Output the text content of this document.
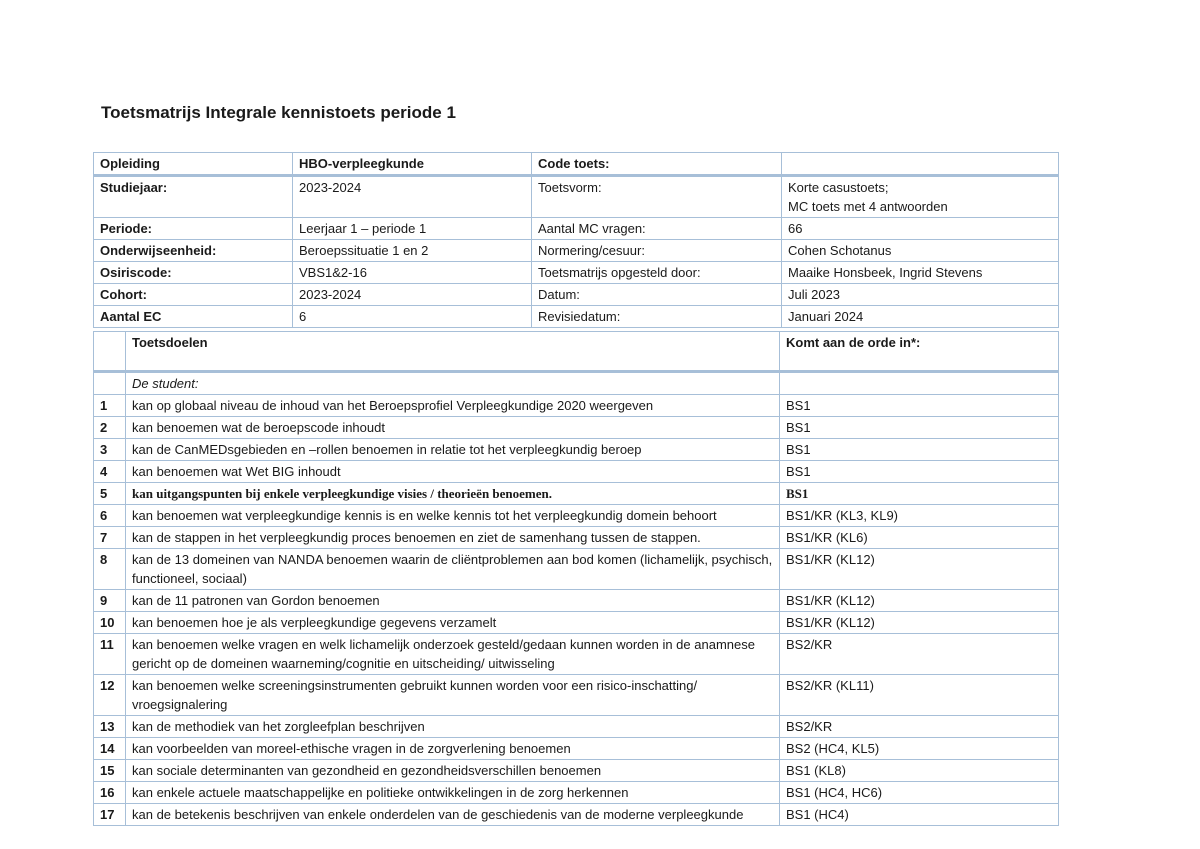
Toetsmatrijs Integrale kennistoets periode 1
Opleiding	HBO-verpleegkunde	Code toets:	
Studiejaar:	2023-2024	Toetsvorm:	Korte casustoets;
MC toets met 4 antwoorden
Periode:	Leerjaar 1 – periode 1	Aantal MC vragen:	66
Onderwijseenheid:	Beroepssituatie 1 en 2	Normering/cesuur:	Cohen Schotanus
Osiriscode:	VBS1&2-16	Toetsmatrijs opgesteld door:	Maaike Honsbeek, Ingrid Stevens
Cohort:	2023-2024	Datum:	Juli 2023
Aantal EC	6	Revisiedatum:	Januari 2024
	Toetsdoelen	Komt aan de orde in*:
	De student:	
1	kan op globaal niveau de inhoud van het Beroepsprofiel Verpleegkundige 2020 weergeven	BS1
2	kan benoemen wat de beroepscode inhoudt	BS1
3	kan de CanMEDsgebieden en –rollen benoemen in relatie tot het verpleegkundig beroep	BS1
4	kan benoemen wat Wet BIG inhoudt	BS1
5	kan uitgangspunten bij enkele verpleegkundige visies / theorieën benoemen.	BS1
6	kan benoemen wat verpleegkundige kennis is en welke kennis tot het verpleegkundig domein behoort	BS1/KR (KL3, KL9)
7	kan de stappen in het verpleegkundig proces benoemen en ziet de samenhang tussen de stappen.	BS1/KR (KL6)
8	kan de 13 domeinen van NANDA benoemen waarin de cliëntproblemen aan bod komen (lichamelijk, psychisch, functioneel, sociaal)	BS1/KR (KL12)
9	kan de 11 patronen van Gordon benoemen	BS1/KR (KL12)
10	kan benoemen hoe je als verpleegkundige gegevens verzamelt	BS1/KR (KL12)
11	kan benoemen welke vragen en welk lichamelijk onderzoek gesteld/gedaan kunnen worden in de anamnese gericht op de domeinen waarneming/cognitie en uitscheiding/ uitwisseling	BS2/KR
12	kan benoemen welke screeningsinstrumenten gebruikt kunnen worden voor een risico-inschatting/ vroegsignalering	BS2/KR (KL11)
13	kan de methodiek van het zorgleefplan beschrijven	BS2/KR
14	kan voorbeelden van moreel-ethische vragen in de zorgverlening benoemen	BS2 (HC4, KL5)
15	kan sociale determinanten van gezondheid en gezondheidsverschillen benoemen	BS1 (KL8)
16	kan enkele actuele maatschappelijke en politieke ontwikkelingen in de zorg herkennen	BS1 (HC4, HC6)
17	kan de betekenis beschrijven van enkele onderdelen van de geschiedenis van de moderne verpleegkunde	BS1 (HC4)
